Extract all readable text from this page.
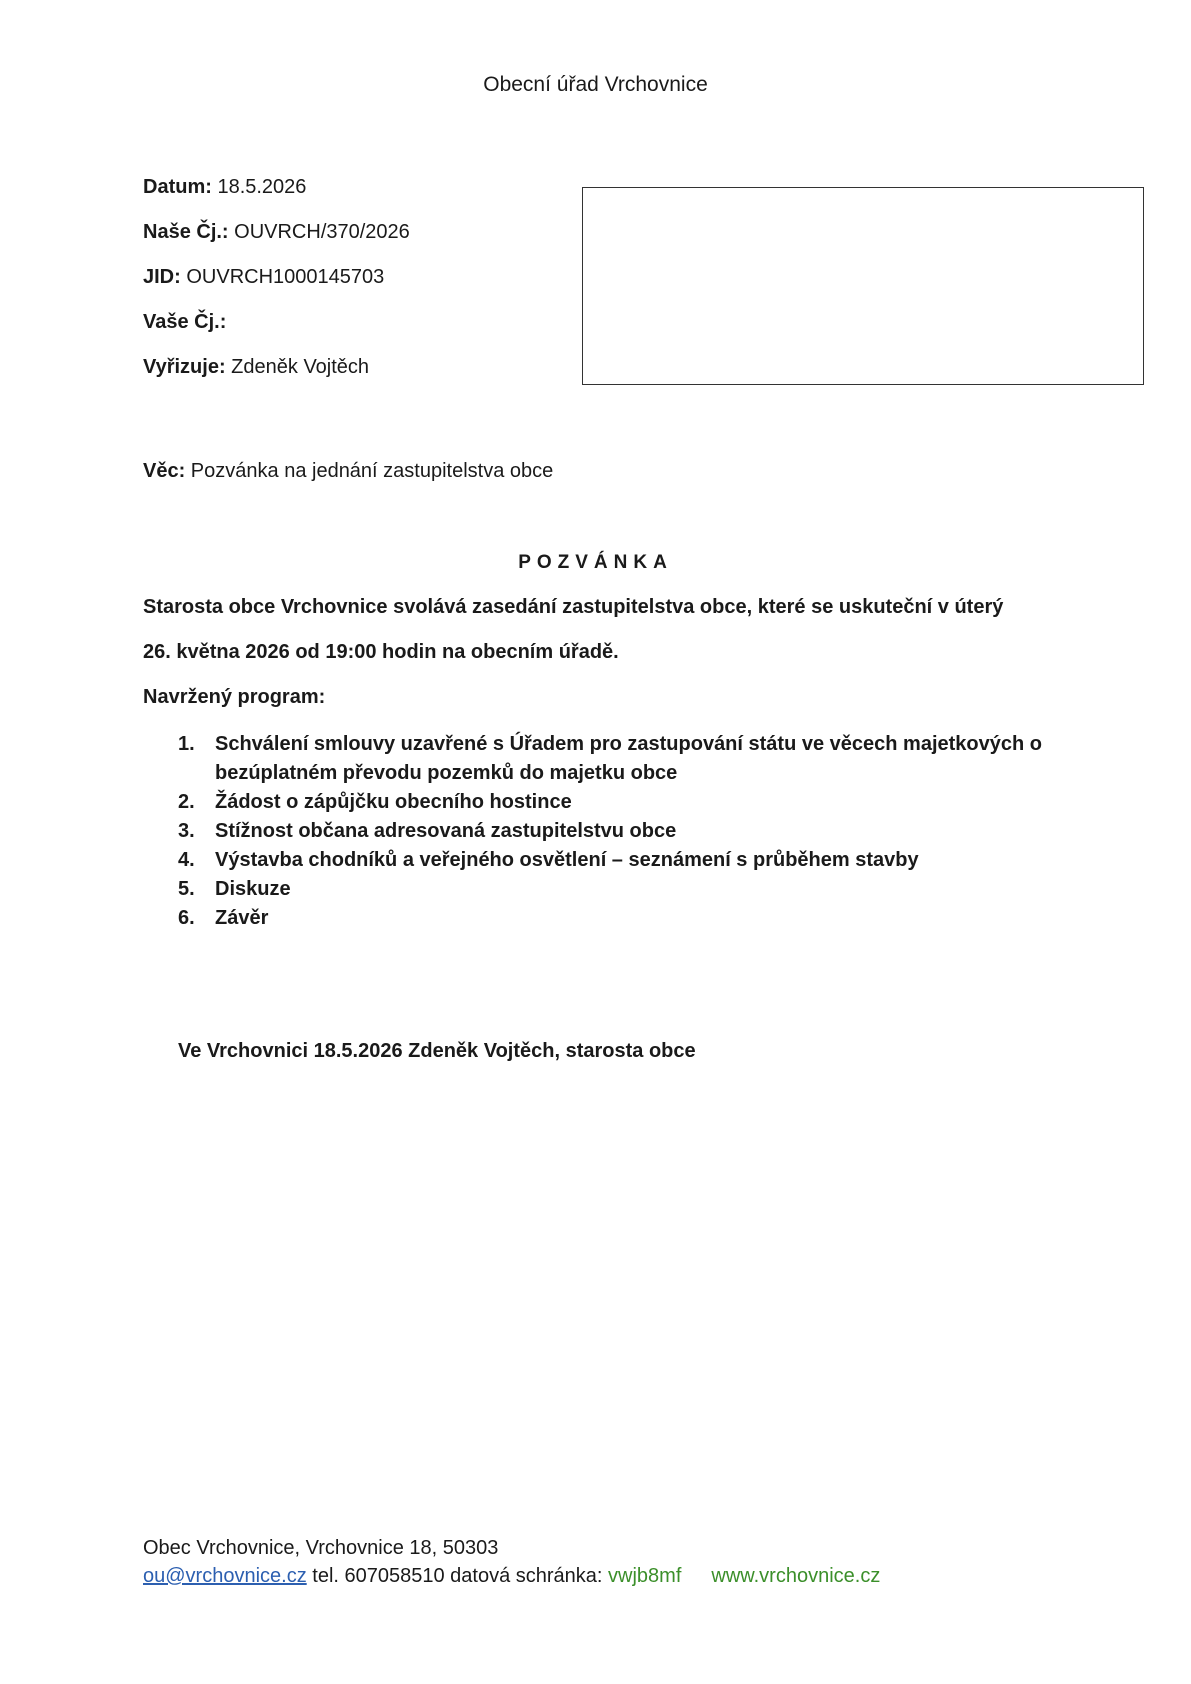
Obecní úřad Vrchovnice
Datum: 18.5.2026
Naše Čj.: OUVRCH/370/2026
JID: OUVRCH1000145703
Vaše Čj.:
Vyřizuje: Zdeněk Vojtěch
Věc: Pozvánka na jednání zastupitelstva obce
POZVÁNKA
Starosta obce Vrchovnice svolává zasedání zastupitelstva obce, které se uskuteční v úterý
26. května 2026 od 19:00 hodin na obecním úřadě.
Navržený program:
1.	Schválení smlouvy uzavřené s Úřadem pro zastupování státu ve věcech majetkových o bezúplatném převodu pozemků do majetku obce
2.	Žádost o zápůjčku obecního hostince
3.	Stížnost občana adresovaná zastupitelstvu obce
4.	Výstavba chodníků a veřejného osvětlení – seznámení s průběhem stavby
5.	Diskuze
6.	Závěr
Ve Vrchovnici 18.5.2026 Zdeněk Vojtěch, starosta obce
Obec Vrchovnice, Vrchovnice 18, 50303
ou@vrchovnice.cz tel. 607058510 datová schránka: vwjb8mf www.vrchovnice.cz
